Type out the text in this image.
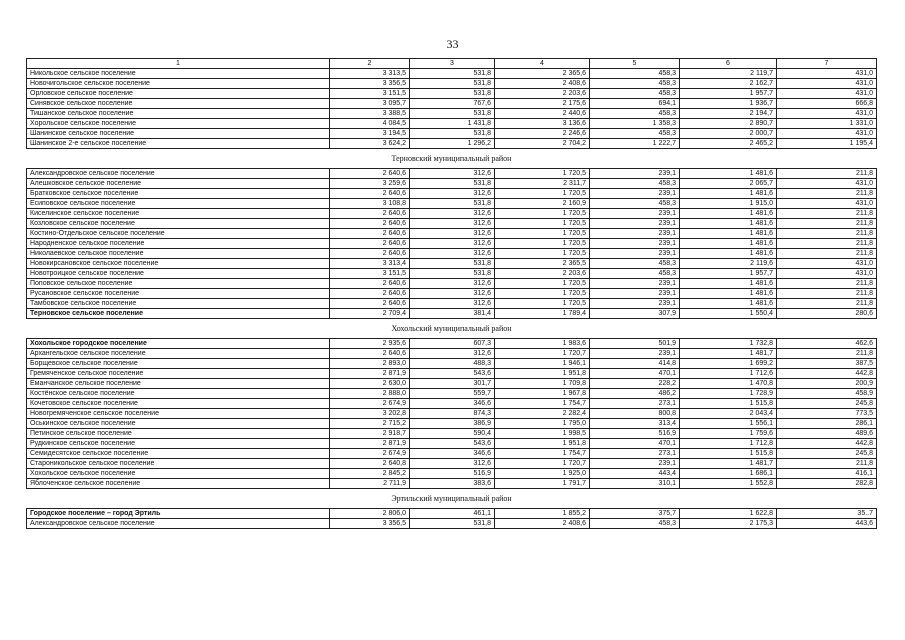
33
1	2	3	4	5	6	7
Никольское сельское поселение	3 313,5	531,8	2 365,6	458,3	2 119,7	431,0
Новочигольское сельское поселение	3 356,5	531,8	2 408,6	458,3	2 162,7	431,0
Орловское сельское поселение	3 151,5	531,8	2 203,6	458,3	1 957,7	431,0
Синявское сельское поселение	3 095,7	767,6	2 175,6	694,1	1 936,7	666,8
Тишанское сельское поселение	3 388,5	531,8	2 440,6	458,3	2 194,7	431,0
Хорольское сельское поселение	4 084,5	1 431,8	3 136,6	1 358,3	2 890,7	1 331,0
Шанинское сельское поселение	3 194,5	531,8	2 246,6	458,3	2 000,7	431,0
Шанинское 2-е сельское поселение	3 624,2	1 296,2	2 704,2	1 222,7	2 465,2	1 195,4
Терновский муниципальный район						
Александровское сельское поселение	2 640,6	312,6	1 720,5	239,1	1 481,6	211,8
Алешковское сельское поселение	3 259,6	531,8	2 311,7	458,3	2 065,7	431,0
Братковское сельское поселение	2 640,6	312,6	1 720,5	239,1	1 481,6	211,8
Есиповское сельское поселение	3 108,8	531,8	2 160,9	458,3	1 915,0	431,0
Киселинское сельское поселение	2 640,6	312,6	1 720,5	239,1	1 481,6	211,8
Козловское сельское поселение	2 640,6	312,6	1 720,5	239,1	1 481,6	211,8
Костино-Отдельское сельское поселение	2 640,6	312,6	1 720,5	239,1	1 481,6	211,8
Народненское сельское поселение	2 640,6	312,6	1 720,5	239,1	1 481,6	211,8
Николаевское сельское поселение	2 640,6	312,6	1 720,5	239,1	1 481,6	211,8
Новокирсановское сельское поселение	3 313,4	531,8	2 365,5	458,3	2 119,6	431,0
Новотроицкое сельское поселение	3 151,5	531,8	2 203,6	458,3	1 957,7	431,0
Поповское сельское поселение	2 640,6	312,6	1 720,5	239,1	1 481,6	211,8
Русановское сельское поселение	2 640,6	312,6	1 720,5	239,1	1 481,6	211,8
Тамбовское сельское поселение	2 640,6	312,6	1 720,5	239,1	1 481,6	211,8
Терновское сельское поселение	2 709,4	381,4	1 789,4	307,9	1 550,4	280,6
Хохольский муниципальный район						
Хохольское городское поселение	2 935,6	607,3	1 983,6	501,9	1 732,8	462,6
Архангельское сельское поселение	2 640,6	312,6	1 720,7	239,1	1 481,7	211,8
Борщевское сельское поселение	2 893,0	488,3	1 946,1	414,8	1 699,2	387,5
Гремяченское сельское поселение	2 871,9	543,6	1 951,8	470,1	1 712,6	442,8
Еманчанское сельское поселение	2 630,0	301,7	1 709,8	228,2	1 470,8	200,9
Костёнское сельское поселение	2 888,0	559,7	1 967,8	486,2	1 728,9	458,9
Кочетовское сельское поселение	2 674,9	346,6	1 754,7	273,1	1 515,8	245,8
Новогремяченское сельское поселение	3 202,8	874,3	2 282,4	800,8	2 043,4	773,5
Оськинское сельское поселение	2 715,2	386,9	1 795,0	313,4	1 556,1	286,1
Петинское сельское поселение	2 918,7	590,4	1 998,5	516,9	1 759,6	489,6
Рудкинское сельское поселение	2 871,9	543,6	1 951,8	470,1	1 712,8	442,8
Семидесятское сельское поселение	2 674,9	346,6	1 754,7	273,1	1 515,8	245,8
Староникольское сельское поселение	2 640,8	312,6	1 720,7	239,1	1 481,7	211,8
Хохольское сельское поселение	2 845,2	516,9	1 925,0	443,4	1 686,1	416,1
Яблоченское сельское поселение	2 711,9	383,6	1 791,7	310,1	1 552,8	282,8
Эртильский муниципальный район						
Городское поселение – город Эртиль	2 806,0	461,1	1 855,2	375,7	1 622,8	35..7
Александровское сельское поселение	3 356,5	531,8	2 408,6	458,3	2 175,3	443,6
